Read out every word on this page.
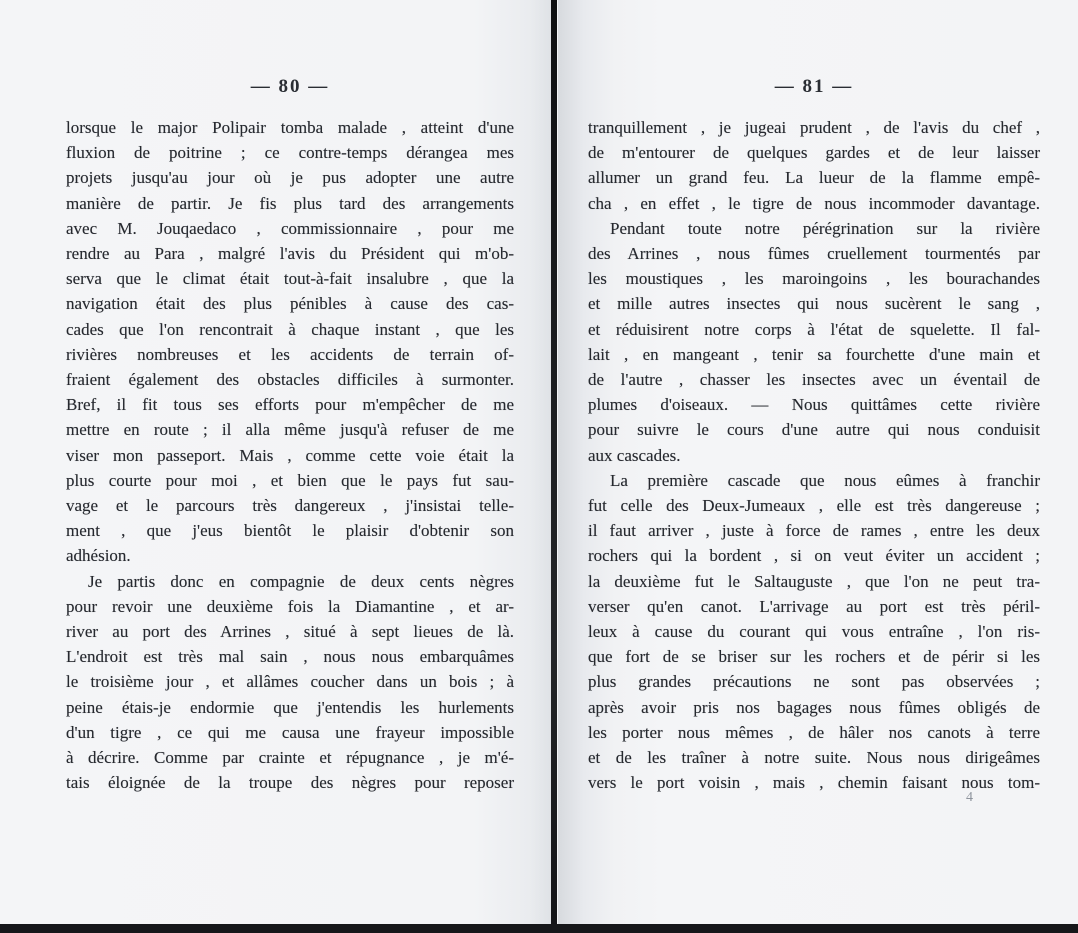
— 80 —
lorsque le major Polipair tomba malade , atteint d'une
fluxion de poitrine ; ce contre-temps dérangea mes
projets jusqu'au jour où je pus adopter une autre
manière de partir. Je fis plus tard des arrangements
avec M. Jouqaedaco , commissionnaire , pour me
rendre au Para , malgré l'avis du Président qui m'ob-
serva que le climat était tout-à-fait insalubre , que la
navigation était des plus pénibles à cause des cas-
cades que l'on rencontrait à chaque instant , que les
rivières nombreuses et les accidents de terrain of-
fraient également des obstacles difficiles à surmonter.
Bref, il fit tous ses efforts pour m'empêcher de me
mettre en route ; il alla même jusqu'à refuser de me
viser mon passeport. Mais , comme cette voie était la
plus courte pour moi , et bien que le pays fut sau-
vage et le parcours très dangereux , j'insistai telle-
ment , que j'eus bientôt le plaisir d'obtenir son
adhésion.
Je partis donc en compagnie de deux cents nègres
pour revoir une deuxième fois la Diamantine , et ar-
river au port des Arrines , situé à sept lieues de là.
L'endroit est très mal sain , nous nous embarquâmes
le troisième jour , et allâmes coucher dans un bois ; à
peine étais-je endormie que j'entendis les hurlements
d'un tigre , ce qui me causa une frayeur impossible
à décrire. Comme par crainte et répugnance , je m'é-
tais éloignée de la troupe des nègres pour reposer
— 81 —
tranquillement , je jugeai prudent , de l'avis du chef ,
de m'entourer de quelques gardes et de leur laisser
allumer un grand feu. La lueur de la flamme empê-
cha , en effet , le tigre de nous incommoder davantage.
Pendant toute notre pérégrination sur la rivière
des Arrines , nous fûmes cruellement tourmentés par
les moustiques , les maroingoins , les bourachandes
et mille autres insectes qui nous sucèrent le sang ,
et réduisirent notre corps à l'état de squelette. Il fal-
lait , en mangeant , tenir sa fourchette d'une main et
de l'autre , chasser les insectes avec un éventail de
plumes d'oiseaux. — Nous quittâmes cette rivière
pour suivre le cours d'une autre qui nous conduisit
aux cascades.
La première cascade que nous eûmes à franchir
fut celle des Deux-Jumeaux , elle est très dangereuse ;
il faut arriver , juste à force de rames , entre les deux
rochers qui la bordent , si on veut éviter un accident ;
la deuxième fut le Saltauguste , que l'on ne peut tra-
verser qu'en canot. L'arrivage au port est très péril-
leux à cause du courant qui vous entraîne , l'on ris-
que fort de se briser sur les rochers et de périr si les
plus grandes précautions ne sont pas observées ;
après avoir pris nos bagages nous fûmes obligés de
les porter nous mêmes , de hâler nos canots à terre
et de les traîner à notre suite. Nous nous dirigeâmes
vers le port voisin , mais , chemin faisant nous tom-
4
